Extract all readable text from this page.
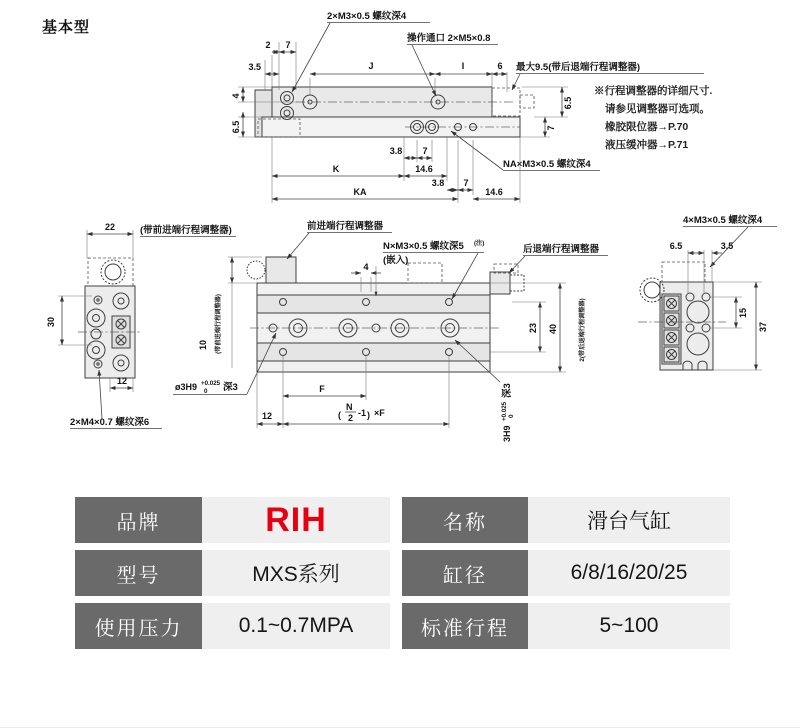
基本型
2 7
3.5	J	I	6 最大9.5(带后退端行程调整器)
2×M3×0.5 螺纹深4
操作通口 2×M5×0.8
4
6.5
6.5
7
NA×M3×0.5 螺纹深4
3.8 7
K	14.6
3.8 7
KA	14.6
※行程调整器的详细尺寸.
请参见调整器可选项。
橡胶限位器→P.70
液压缓冲器→P.71
22	(带前进端行程调整器)
30
12
2×M4×0.7 螺纹深6
前进端行程调整器
N×M3×0.5 螺纹深5 (注)
(嵌入)
4
后退端行程调整器
23 40	2(带后退端行程调整器)
10 (带前进端行程调整器)
ø3H9 +0.025
0 深3	F
12	(
N
2 -1 ) ×F
3H9
+0.025 0
深3
4×M3×0.5 螺纹深4
6.5	3.5
15
37
品牌	RIH	名称	滑台气缸
型号	MXS系列	缸径	6/8/16/20/25
使用压力	0.1~0.7MPA	标准行程	5~100
